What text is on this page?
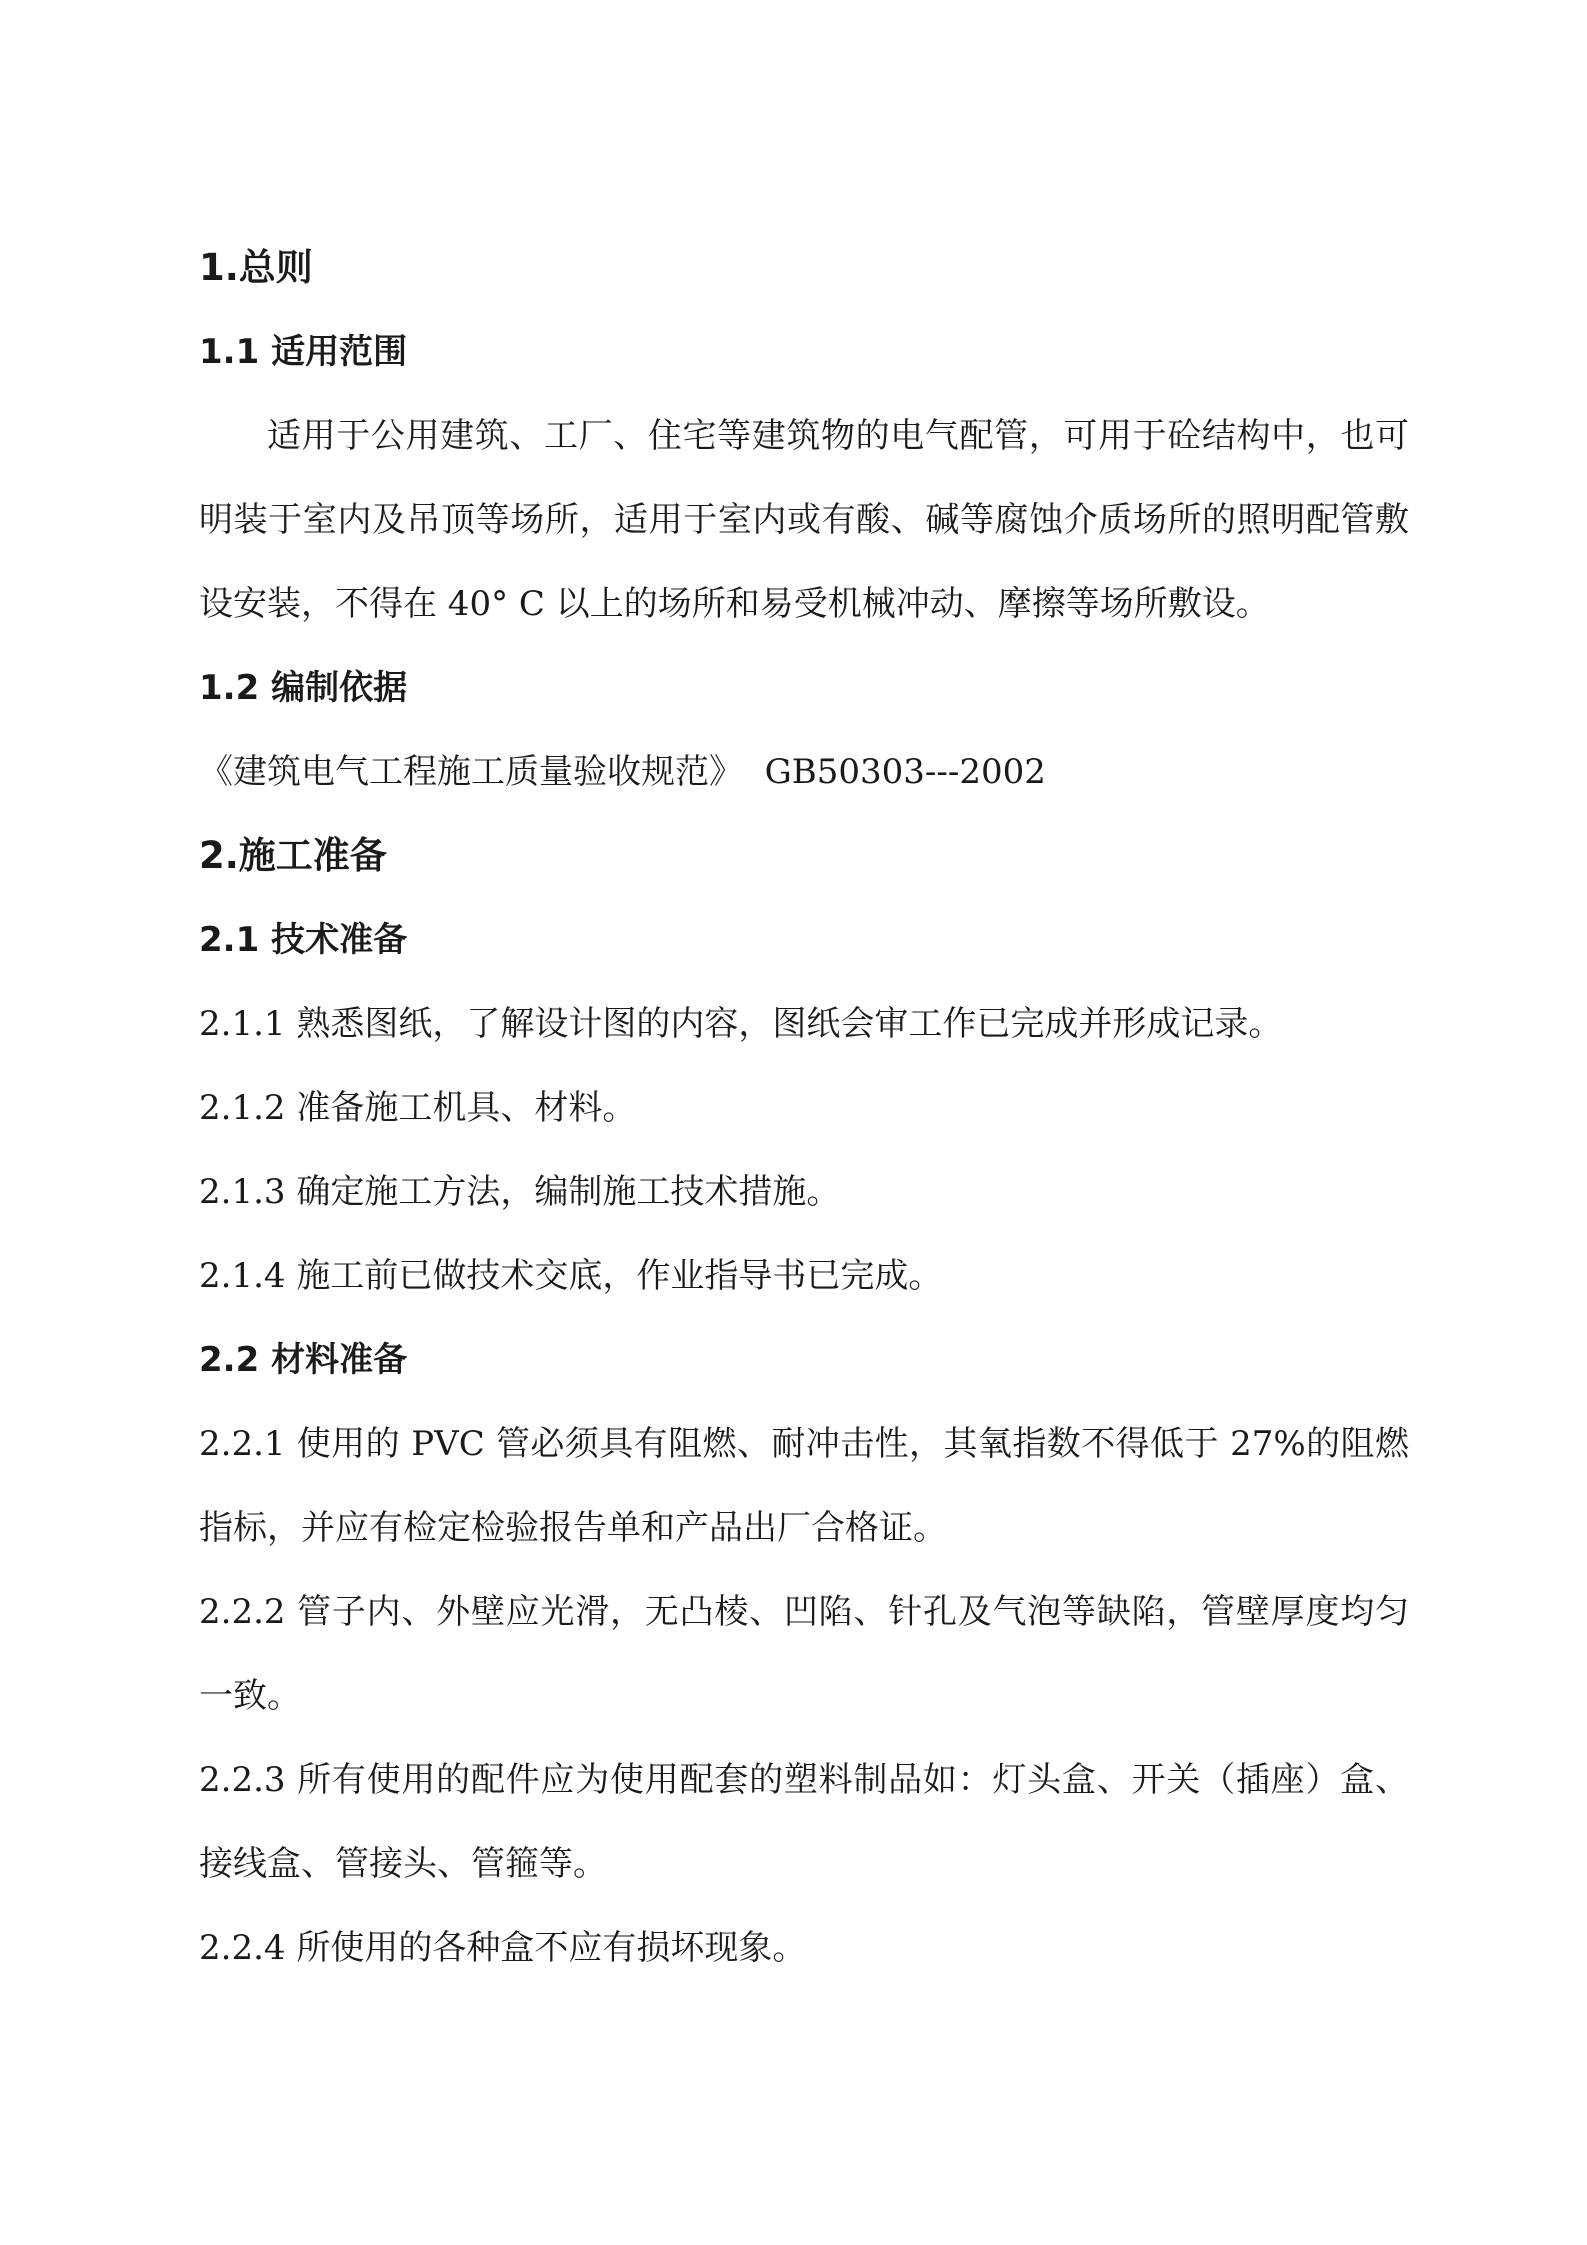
1.总则
1.1 适用范围

适用于公用建筑、工厂、住宅等建筑物的电气配管，可用于砼结构中，也可明装于室内及吊顶等场所，适用于室内或有酸、碱等腐蚀介质场所的照明配管敷设安装，不得在 40° C 以上的场所和易受机械冲动、摩擦等场所敷设。

1.2 编制依据

《建筑电气工程施工质量验收规范》  GB50303---2002

2.施工准备
2.1 技术准备

2.1.1 熟悉图纸，了解设计图的内容，图纸会审工作已完成并形成记录。

2.1.2 准备施工机具、材料。

2.1.3 确定施工方法，编制施工技术措施。

2.1.4 施工前已做技术交底，作业指导书已完成。

2.2 材料准备

2.2.1 使用的 PVC 管必须具有阻燃、耐冲击性，其氧指数不得低于 27%的阻燃指标，并应有检定检验报告单和产品出厂合格证。

2.2.2 管子内、外壁应光滑，无凸棱、凹陷、针孔及气泡等缺陷，管壁厚度均匀一致。

2.2.3 所有使用的配件应为使用配套的塑料制品如：灯头盒、开关（插座）盒、接线盒、管接头、管箍等。

2.2.4 所使用的各种盒不应有损坏现象。
